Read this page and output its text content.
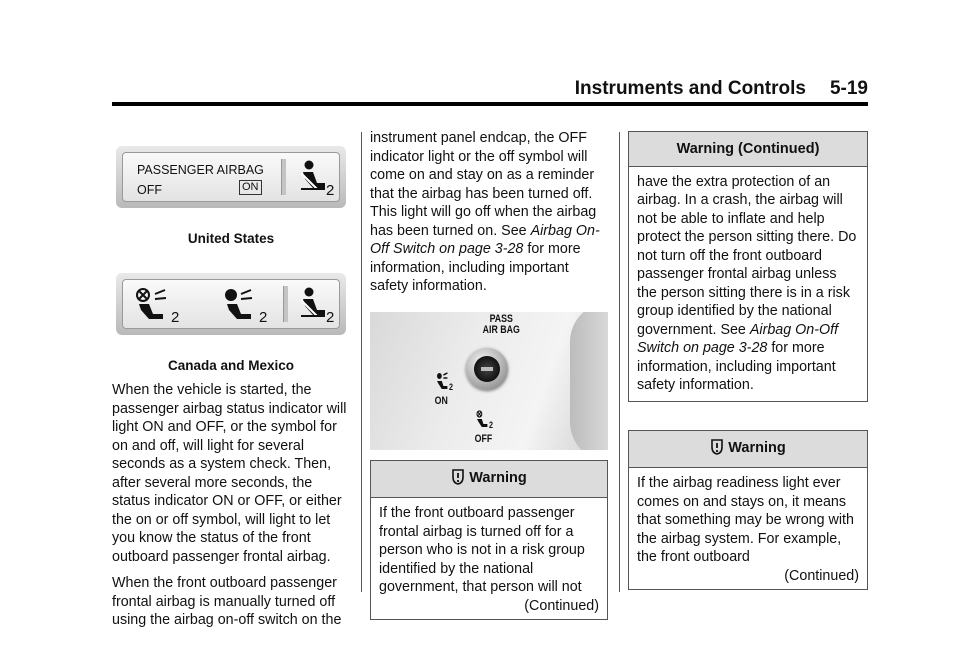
Instruments and Controls 5-19
PASSENGER AIRBAG
OFF	ON	2

United States

2	2	2

Canada and Mexico

When the vehicle is started, the passenger airbag status indicator will light ON and OFF, or the symbol for on and off, will light for several seconds as a system check. Then, after several more seconds, the status indicator ON or OFF, or either the on or off symbol, will light to let you know the status of the front outboard passenger frontal airbag.

When the front outboard passenger frontal airbag is manually turned off using the airbag on-off switch on the

instrument panel endcap, the OFF indicator light or the off symbol will come on and stay on as a reminder that the airbag has been turned off. This light will go off when the airbag has been turned on. See Airbag On-Off Switch on page 3-28 for more information, including important safety information.

PASS
AIR BAG
2
ON
2
OFF
Warning

If the front outboard passenger frontal airbag is turned off for a person who is not in a risk group identified by the national government, that person will not

(Continued)

Warning (Continued)

have the extra protection of an airbag. In a crash, the airbag will not be able to inflate and help protect the person sitting there. Do not turn off the front outboard passenger frontal airbag unless the person sitting there is in a risk group identified by the national government. See Airbag On-Off Switch on page 3-28 for more information, including important safety information.

Warning

If the airbag readiness light ever comes on and stays on, it means that something may be wrong with the airbag system. For example, the front outboard

(Continued)
